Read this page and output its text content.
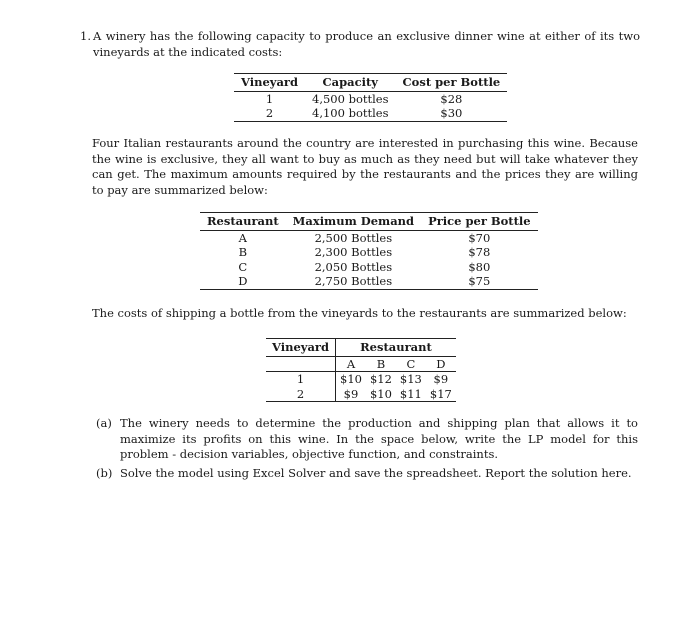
1. A winery has the following capacity to produce an exclusive dinner wine at either of its two vineyards at the indicated costs:
Vineyard	Capacity	Cost per Bottle
1	4,500 bottles	$28
2	4,100 bottles	$30
Four Italian restaurants around the country are interested in purchasing this wine. Because the wine is exclusive, they all want to buy as much as they need but will take whatever they can get. The maximum amounts required by the restaurants and the prices they are willing to pay are summarized below:
Restaurant	Maximum Demand	Price per Bottle
A	2,500 Bottles	$70
B	2,300 Bottles	$78
C	2,050 Bottles	$80
D	2,750 Bottles	$75
The costs of shipping a bottle from the vineyards to the restaurants are summarized below:
Vineyard	Restaurant			
	A	B	C	D
1	$10	$12	$13	$9
2	$9	$10	$11	$17
(a) The winery needs to determine the production and shipping plan that allows it to maximize its profits on this wine. In the space below, write the LP model for this problem - decision variables, objective function, and constraints.
(b) Solve the model using Excel Solver and save the spreadsheet. Report the solution here.
